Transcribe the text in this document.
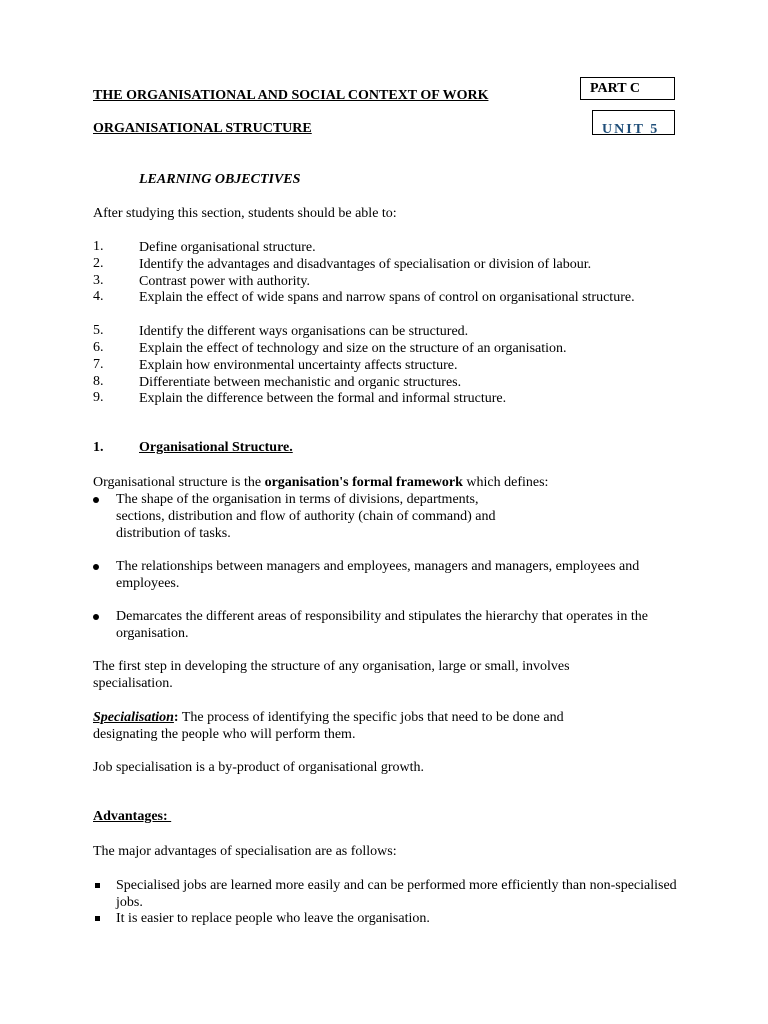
THE ORGANISATIONAL AND SOCIAL CONTEXT OF WORK
ORGANISATIONAL STRUCTURE
PART C
UNIT 5
LEARNING OBJECTIVES
After studying this section, students should be able to:
1.	Define organisational structure.
2.	Identify the advantages and disadvantages of specialisation or division of labour.
3.	Contrast power with authority.
4.	Explain the effect of wide spans and narrow spans of control on organisational structure.
5.	Identify the different ways organisations can be structured.
6.	Explain the effect of technology and size on the structure of an organisation.
7.	Explain how environmental uncertainty affects structure.
8.	Differentiate between mechanistic and organic structures.
9.	Explain the difference between the formal and informal structure.
1.	Organisational Structure.
Organisational structure is the organisation's formal framework which defines:
The shape of the organisation in terms of divisions, departments, sections, distribution and flow of authority (chain of command) and distribution of tasks.
The relationships between managers and employees, managers and managers, employees and employees.
Demarcates the different areas of responsibility and stipulates the hierarchy that operates in the organisation.
The first step in developing the structure of any organisation, large or small, involves specialisation.
Specialisation: The process of identifying the specific jobs that need to be done and designating the people who will perform them.
Job specialisation is a by-product of organisational growth.
Advantages:
The major advantages of specialisation are as follows:
Specialised jobs are learned more easily and can be performed more efficiently than non-specialised jobs.
It is easier to replace people who leave the organisation.
